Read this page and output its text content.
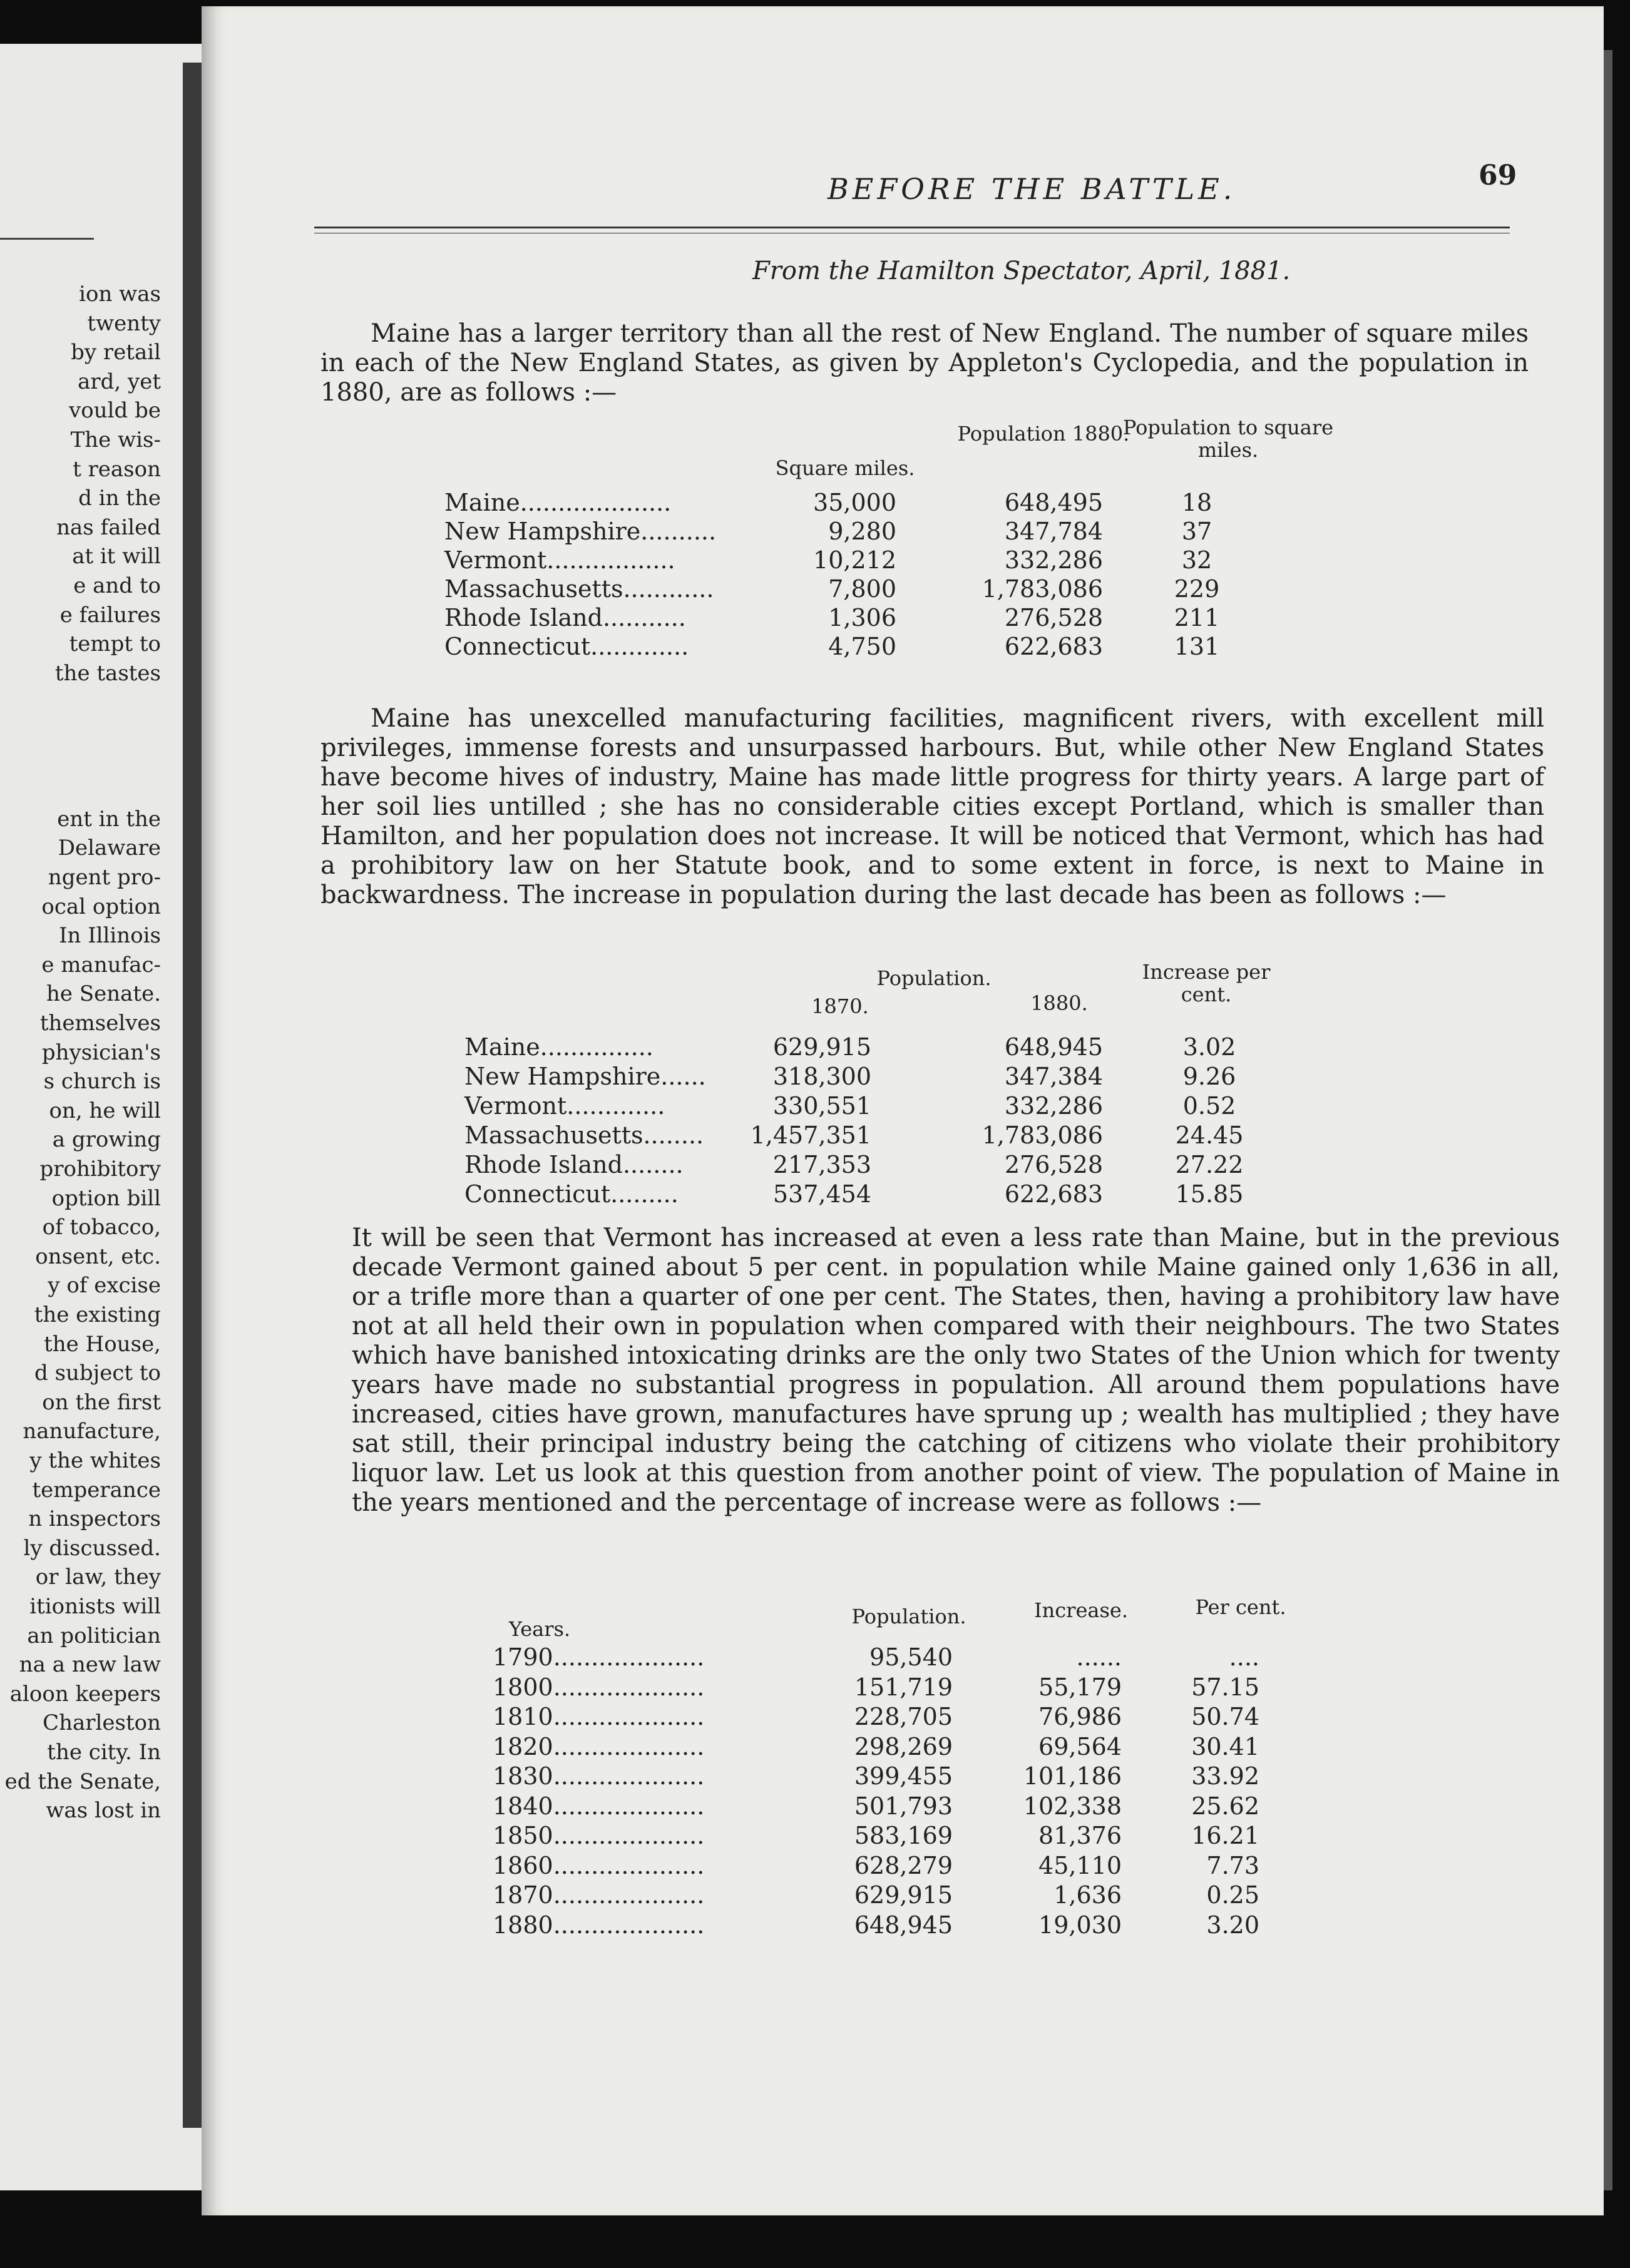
ion was
twenty
by retail
ard, yet
vould be
The wis-
t reason
d in the
nas failed
at it will
e and to
e failures
tempt to
the tastes
ent in the
Delaware
ngent pro-
ocal option
In Illinois
e manufac-
he Senate.
themselves
physician's
s church is
on, he will
a growing
prohibitory
option bill
of tobacco,
onsent, etc.
y of excise
the existing
the House,
d subject to
on the first
nanufacture,
y the whites
temperance
n inspectors
ly discussed.
or law, they
itionists will
an politician
na a new law
aloon keepers
Charleston
the city. In
ed the Senate,
was lost in
BEFORE THE BATTLE.	69
From the Hamilton Spectator, April, 1881.

Maine has a larger territory than all the rest of New England. The number of square miles in each of the New England States, as given by Appleton's Cyclopedia, and the population in 1880, are as follows :—

Square miles.
Population 1880.
Population to square miles.
Maine....................	35,000	648,495	18
New Hampshire..........	9,280	347,784	37
Vermont.................	10,212	332,286	32
Massachusetts............	7,800	1,783,086	229
Rhode Island...........	1,306	276,528	211
Connecticut.............	4,750	622,683	131

Maine has unexcelled manufacturing facilities, magnificent rivers, with excellent mill privileges, immense forests and unsurpassed harbours. But, while other New England States have become hives of industry, Maine has made little progress for thirty years. A large part of her soil lies untilled ; she has no considerable cities except Portland, which is smaller than Hamilton, and her population does not increase. It will be noticed that Vermont, which has had a prohibitory law on her Statute book, and to some extent in force, is next to Maine in backwardness. The increase in population during the last decade has been as follows :—

Population.
1870.	1880.
Increase per cent.
Maine...............	629,915	648,945	3.02
New Hampshire......	318,300	347,384	9.26
Vermont.............	330,551	332,286	0.52
Massachusetts........	1,457,351	1,783,086	24.45
Rhode Island........	217,353	276,528	27.22
Connecticut.........	537,454	622,683	15.85

It will be seen that Vermont has increased at even a less rate than Maine, but in the previous decade Vermont gained about 5 per cent. in population while Maine gained only 1,636 in all, or a trifle more than a quarter of one per cent. The States, then, having a prohibitory law have not at all held their own in population when compared with their neighbours. The two States which have banished intoxicating drinks are the only two States of the Union which for twenty years have made no substantial progress in population. All around them populations have increased, cities have grown, manufactures have sprung up ; wealth has multiplied ; they have sat still, their principal industry being the catching of citizens who violate their prohibitory liquor law. Let us look at this question from another point of view. The population of Maine in the years mentioned and the percentage of increase were as follows :—

Years.
Population.	Increase.	Per cent.
1790....................	95,540	......	....
1800....................	151,719	55,179	57.15
1810....................	228,705	76,986	50.74
1820....................	298,269	69,564	30.41
1830....................	399,455	101,186	33.92
1840....................	501,793	102,338	25.62
1850....................	583,169	81,376	16.21
1860....................	628,279	45,110	7.73
1870....................	629,915	1,636	0.25
1880....................	648,945	19,030	3.20
